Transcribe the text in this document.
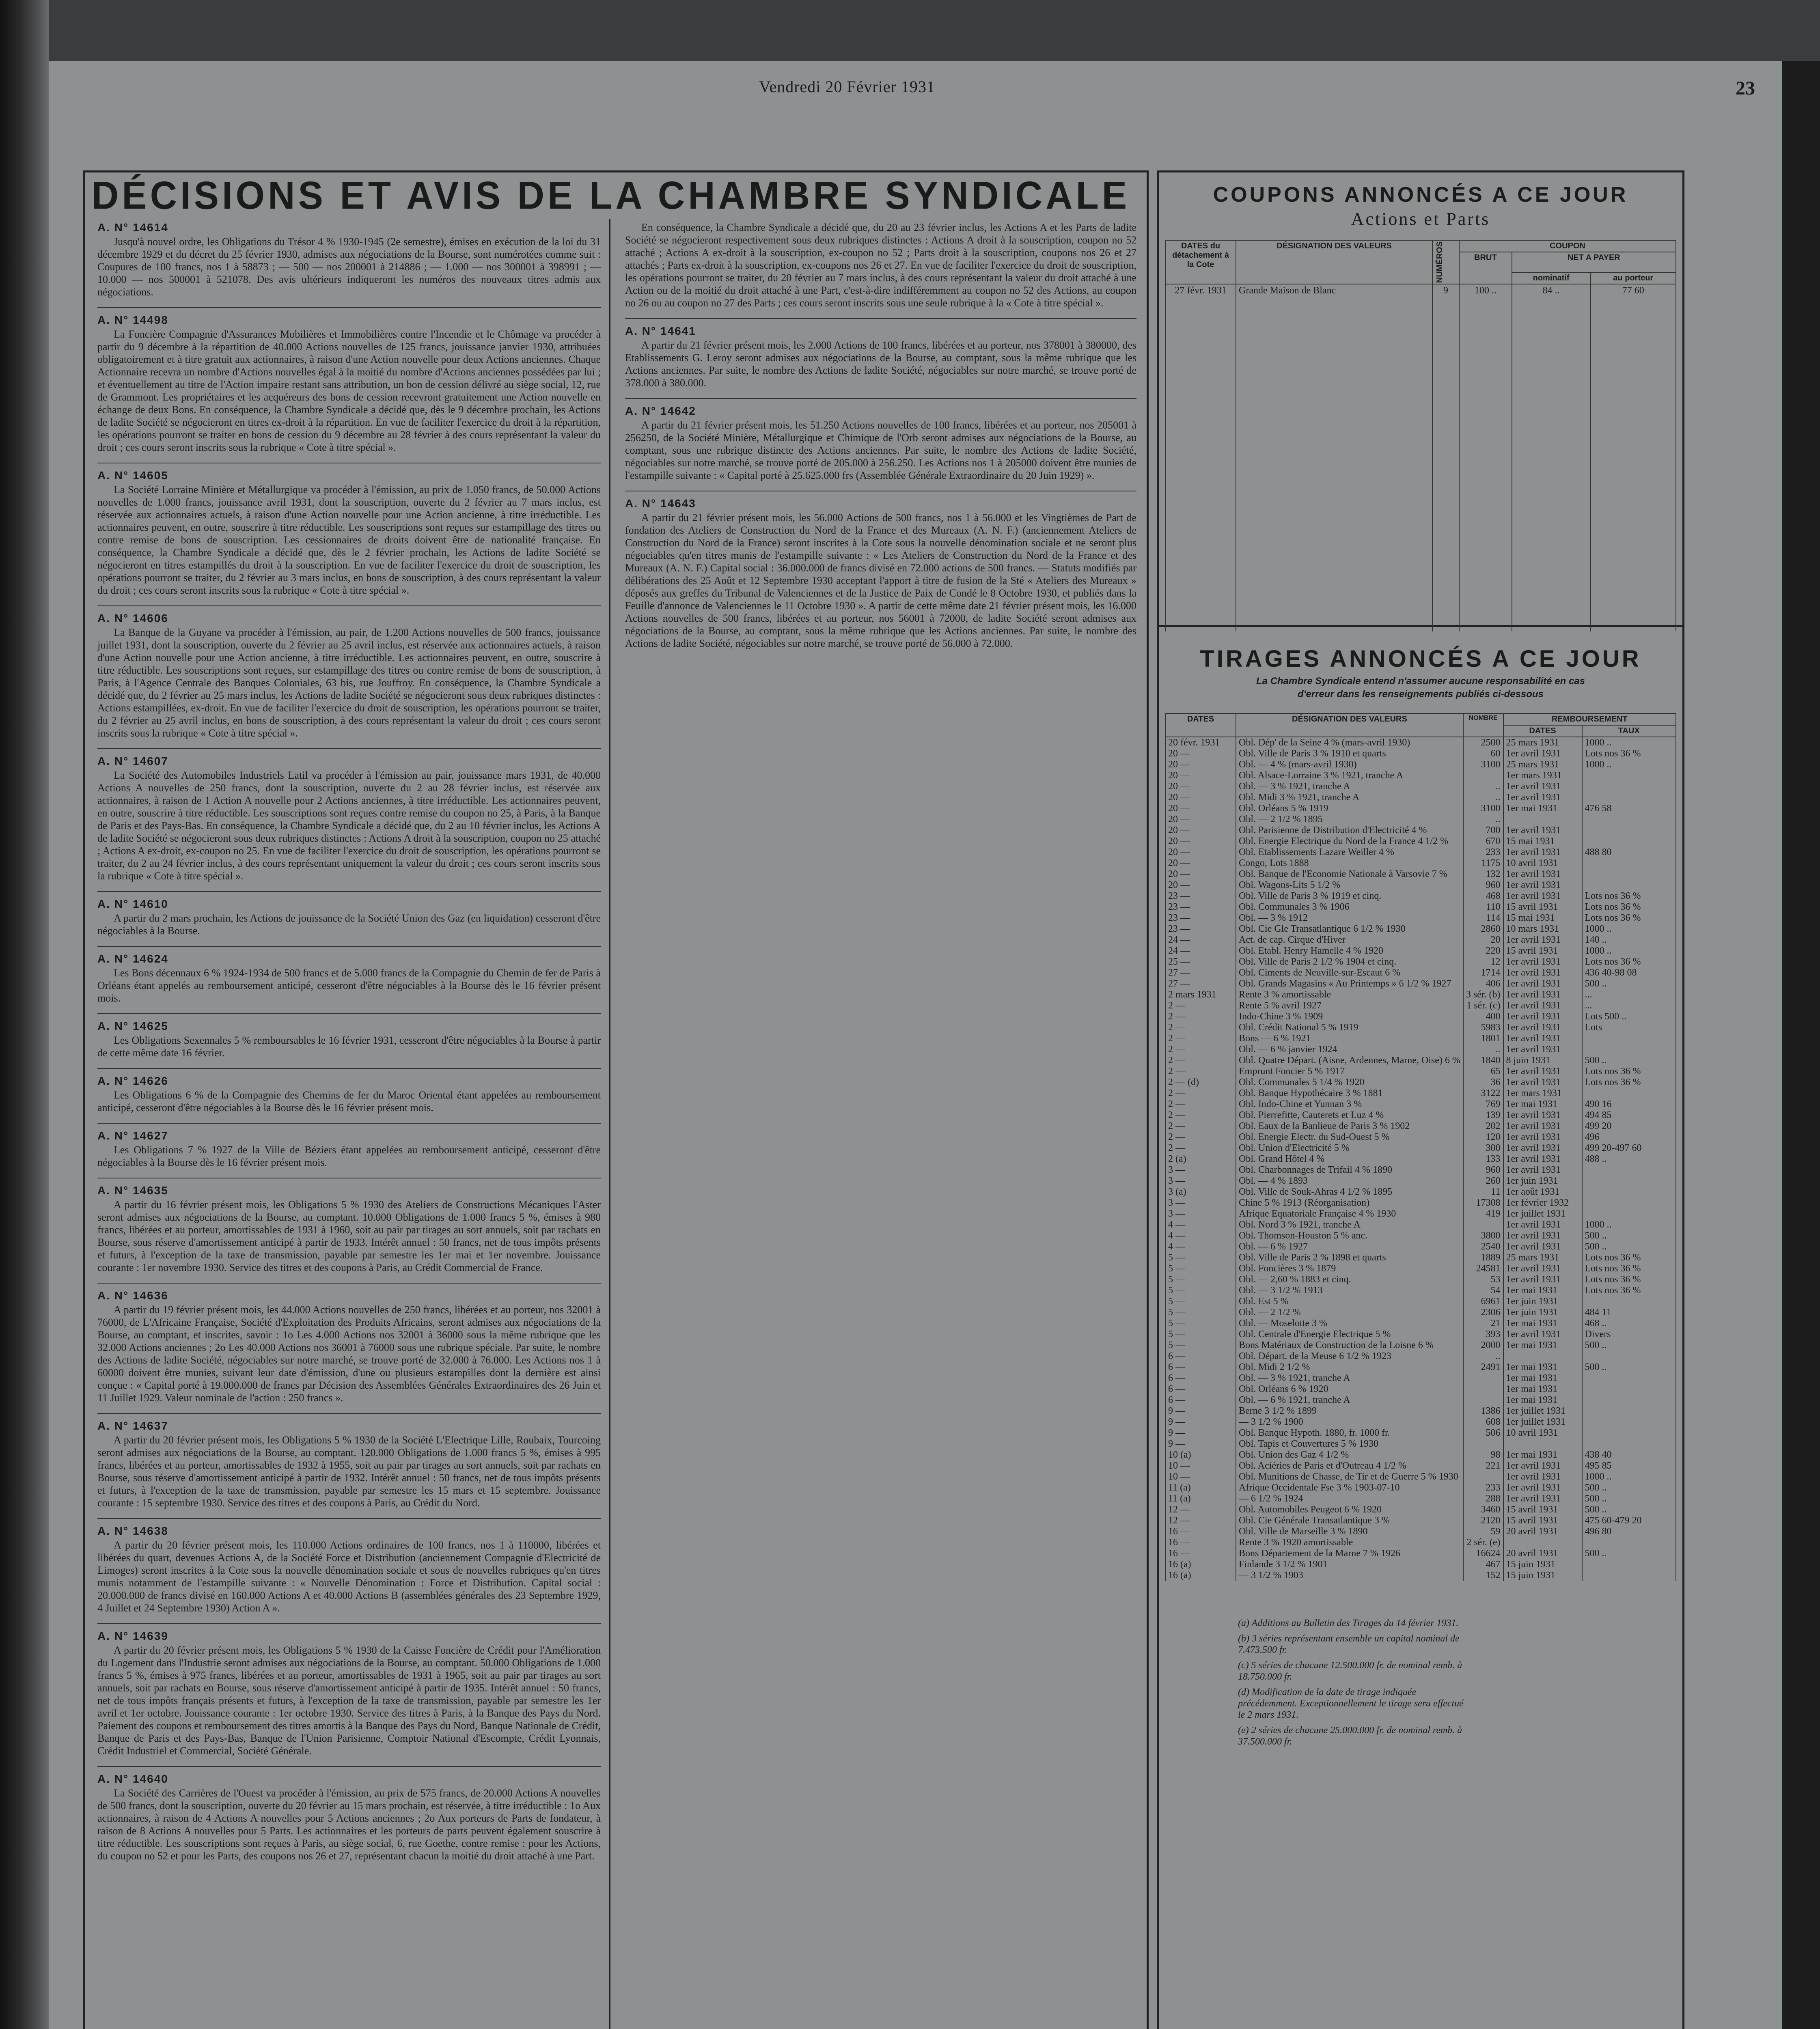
Vendredi 20 Février 1931	23
DÉCISIONS ET AVIS DE LA CHAMBRE SYNDICALE
A. N° 14614
Jusqu'à nouvel ordre, les Obligations du Trésor 4 % 1930-1945 (2e semestre), émises en exécution de la loi du 31 décembre 1929 et du décret du 25 février 1930, admises aux négociations de la Bourse, sont numérotées comme suit : Coupures de 100 francs, nos 1 à 58873 ; — 500 — nos 200001 à 214886 ; — 1.000 — nos 300001 à 398991 ; — 10.000 — nos 500001 à 521078. Des avis ultérieurs indiqueront les numéros des nouveaux titres admis aux négociations.
A. N° 14498
La Foncière Compagnie d'Assurances Mobilières et Immobilières contre l'Incendie et le Chômage va procéder à partir du 9 décembre à la répartition de 40.000 Actions nouvelles de 125 francs, jouissance janvier 1930, attribuées obligatoirement et à titre gratuit aux actionnaires, à raison d'une Action nouvelle pour deux Actions anciennes. Chaque Actionnaire recevra un nombre d'Actions nouvelles égal à la moitié du nombre d'Actions anciennes possédées par lui ; et éventuellement au titre de l'Action impaire restant sans attribution, un bon de cession délivré au siège social, 12, rue de Grammont. Les propriétaires et les acquéreurs des bons de cession recevront gratuitement une Action nouvelle en échange de deux Bons. En conséquence, la Chambre Syndicale a décidé que, dès le 9 décembre prochain, les Actions de ladite Société se négocieront en titres ex-droit à la répartition. En vue de faciliter l'exercice du droit à la répartition, les opérations pourront se traiter en bons de cession du 9 décembre au 28 février à des cours représentant la valeur du droit ; ces cours seront inscrits sous la rubrique « Cote à titre spécial ».
A. N° 14605
La Société Lorraine Minière et Métallurgique va procéder à l'émission, au prix de 1.050 francs, de 50.000 Actions nouvelles de 1.000 francs, jouissance avril 1931, dont la souscription, ouverte du 2 février au 7 mars inclus, est réservée aux actionnaires actuels, à raison d'une Action nouvelle pour une Action ancienne, à titre irréductible. Les actionnaires peuvent, en outre, souscrire à titre réductible. Les souscriptions sont reçues sur estampillage des titres ou contre remise de bons de souscription. Les cessionnaires de droits doivent être de nationalité française. En conséquence, la Chambre Syndicale a décidé que, dès le 2 février prochain, les Actions de ladite Société se négocieront en titres estampillés du droit à la souscription. En vue de faciliter l'exercice du droit de souscription, les opérations pourront se traiter, du 2 février au 3 mars inclus, en bons de souscription, à des cours représentant la valeur du droit ; ces cours seront inscrits sous la rubrique « Cote à titre spécial ».
A. N° 14606
La Banque de la Guyane va procéder à l'émission, au pair, de 1.200 Actions nouvelles de 500 francs, jouissance juillet 1931, dont la souscription, ouverte du 2 février au 25 avril inclus, est réservée aux actionnaires actuels, à raison d'une Action nouvelle pour une Action ancienne, à titre irréductible. Les actionnaires peuvent, en outre, souscrire à titre réductible. Les souscriptions sont reçues, sur estampillage des titres ou contre remise de bons de souscription, à Paris, à l'Agence Centrale des Banques Coloniales, 63 bis, rue Jouffroy. En conséquence, la Chambre Syndicale a décidé que, du 2 février au 25 mars inclus, les Actions de ladite Société se négocieront sous deux rubriques distinctes : Actions estampillées, ex-droit. En vue de faciliter l'exercice du droit de souscription, les opérations pourront se traiter, du 2 février au 25 avril inclus, en bons de souscription, à des cours représentant la valeur du droit ; ces cours seront inscrits sous la rubrique « Cote à titre spécial ».
A. N° 14607
La Société des Automobiles Industriels Latil va procéder à l'émission au pair, jouissance mars 1931, de 40.000 Actions A nouvelles de 250 francs, dont la souscription, ouverte du 2 au 28 février inclus, est réservée aux actionnaires, à raison de 1 Action A nouvelle pour 2 Actions anciennes, à titre irréductible. Les actionnaires peuvent, en outre, souscrire à titre réductible. Les souscriptions sont reçues contre remise du coupon no 25, à Paris, à la Banque de Paris et des Pays-Bas. En conséquence, la Chambre Syndicale a décidé que, du 2 au 10 février inclus, les Actions A de ladite Société se négocieront sous deux rubriques distinctes : Actions A droit à la souscription, coupon no 25 attaché ; Actions A ex-droit, ex-coupon no 25. En vue de faciliter l'exercice du droit de souscription, les opérations pourront se traiter, du 2 au 24 février inclus, à des cours représentant uniquement la valeur du droit ; ces cours seront inscrits sous la rubrique « Cote à titre spécial ».
A. N° 14610
A partir du 2 mars prochain, les Actions de jouissance de la Société Union des Gaz (en liquidation) cesseront d'être négociables à la Bourse.
A. N° 14624
Les Bons décennaux 6 % 1924-1934 de 500 francs et de 5.000 francs de la Compagnie du Chemin de fer de Paris à Orléans étant appelés au remboursement anticipé, cesseront d'être négociables à la Bourse dès le 16 février présent mois.
A. N° 14625
Les Obligations Sexennales 5 % remboursables le 16 février 1931, cesseront d'être négociables à la Bourse à partir de cette même date 16 février.
A. N° 14626
Les Obligations 6 % de la Compagnie des Chemins de fer du Maroc Oriental étant appelées au remboursement anticipé, cesseront d'être négociables à la Bourse dès le 16 février présent mois.
A. N° 14627
Les Obligations 7 % 1927 de la Ville de Béziers étant appelées au remboursement anticipé, cesseront d'être négociables à la Bourse dès le 16 février présent mois.
A. N° 14635
A partir du 16 février présent mois, les Obligations 5 % 1930 des Ateliers de Constructions Mécaniques l'Aster seront admises aux négociations de la Bourse, au comptant. 10.000 Obligations de 1.000 francs 5 %, émises à 980 francs, libérées et au porteur, amortissables de 1931 à 1960, soit au pair par tirages au sort annuels, soit par rachats en Bourse, sous réserve d'amortissement anticipé à partir de 1933. Intérêt annuel : 50 francs, net de tous impôts présents et futurs, à l'exception de la taxe de transmission, payable par semestre les 1er mai et 1er novembre. Jouissance courante : 1er novembre 1930. Service des titres et des coupons à Paris, au Crédit Commercial de France.
A. N° 14636
A partir du 19 février présent mois, les 44.000 Actions nouvelles de 250 francs, libérées et au porteur, nos 32001 à 76000, de L'Africaine Française, Société d'Exploitation des Produits Africains, seront admises aux négociations de la Bourse, au comptant, et inscrites, savoir : 1o Les 4.000 Actions nos 32001 à 36000 sous la même rubrique que les 32.000 Actions anciennes ; 2o Les 40.000 Actions nos 36001 à 76000 sous une rubrique spéciale. Par suite, le nombre des Actions de ladite Société, négociables sur notre marché, se trouve porté de 32.000 à 76.000. Les Actions nos 1 à 60000 doivent être munies, suivant leur date d'émission, d'une ou plusieurs estampilles dont la dernière est ainsi conçue : « Capital porté à 19.000.000 de francs par Décision des Assemblées Générales Extraordinaires des 26 Juin et 11 Juillet 1929. Valeur nominale de l'action : 250 francs ».
A. N° 14637
A partir du 20 février présent mois, les Obligations 5 % 1930 de la Société L'Electrique Lille, Roubaix, Tourcoing seront admises aux négociations de la Bourse, au comptant. 120.000 Obligations de 1.000 francs 5 %, émises à 995 francs, libérées et au porteur, amortissables de 1932 à 1955, soit au pair par tirages au sort annuels, soit par rachats en Bourse, sous réserve d'amortissement anticipé à partir de 1932. Intérêt annuel : 50 francs, net de tous impôts présents et futurs, à l'exception de la taxe de transmission, payable par semestre les 15 mars et 15 septembre. Jouissance courante : 15 septembre 1930. Service des titres et des coupons à Paris, au Crédit du Nord.
A. N° 14638
A partir du 20 février présent mois, les 110.000 Actions ordinaires de 100 francs, nos 1 à 110000, libérées et libérées du quart, devenues Actions A, de la Société Force et Distribution (anciennement Compagnie d'Electricité de Limoges) seront inscrites à la Cote sous la nouvelle dénomination sociale et sous de nouvelles rubriques qu'en titres munis notamment de l'estampille suivante : « Nouvelle Dénomination : Force et Distribution. Capital social : 20.000.000 de francs divisé en 160.000 Actions A et 40.000 Actions B (assemblées générales des 23 Septembre 1929, 4 Juillet et 24 Septembre 1930) Action A ».
A. N° 14639
A partir du 20 février présent mois, les Obligations 5 % 1930 de la Caisse Foncière de Crédit pour l'Amélioration du Logement dans l'Industrie seront admises aux négociations de la Bourse, au comptant. 50.000 Obligations de 1.000 francs 5 %, émises à 975 francs, libérées et au porteur, amortissables de 1931 à 1965, soit au pair par tirages au sort annuels, soit par rachats en Bourse, sous réserve d'amortissement anticipé à partir de 1935. Intérêt annuel : 50 francs, net de tous impôts français présents et futurs, à l'exception de la taxe de transmission, payable par semestre les 1er avril et 1er octobre. Jouissance courante : 1er octobre 1930. Service des titres à Paris, à la Banque des Pays du Nord. Paiement des coupons et remboursement des titres amortis à la Banque des Pays du Nord, Banque Nationale de Crédit, Banque de Paris et des Pays-Bas, Banque de l'Union Parisienne, Comptoir National d'Escompte, Crédit Lyonnais, Crédit Industriel et Commercial, Société Générale.
A. N° 14640
La Société des Carrières de l'Ouest va procéder à l'émission, au prix de 575 francs, de 20.000 Actions A nouvelles de 500 francs, dont la souscription, ouverte du 20 février au 15 mars prochain, est réservée, à titre irréductible : 1o Aux actionnaires, à raison de 4 Actions A nouvelles pour 5 Actions anciennes ; 2o Aux porteurs de Parts de fondateur, à raison de 8 Actions A nouvelles pour 5 Parts. Les actionnaires et les porteurs de parts peuvent également souscrire à titre réductible. Les souscriptions sont reçues à Paris, au siège social, 6, rue Goethe, contre remise : pour les Actions, du coupon no 52 et pour les Parts, des coupons nos 26 et 27, représentant chacun la moitié du droit attaché à une Part.
En conséquence, la Chambre Syndicale a décidé que, du 20 au 23 février inclus, les Actions A et les Parts de ladite Société se négocieront respectivement sous deux rubriques distinctes : Actions A droit à la souscription, coupon no 52 attaché ; Actions A ex-droit à la souscription, ex-coupon no 52 ; Parts droit à la souscription, coupons nos 26 et 27 attachés ; Parts ex-droit à la souscription, ex-coupons nos 26 et 27. En vue de faciliter l'exercice du droit de souscription, les opérations pourront se traiter, du 20 février au 7 mars inclus, à des cours représentant la valeur du droit attaché à une Action ou de la moitié du droit attaché à une Part, c'est-à-dire indifféremment au coupon no 52 des Actions, au coupon no 26 ou au coupon no 27 des Parts ; ces cours seront inscrits sous une seule rubrique à la « Cote à titre spécial ».
A. N° 14641
A partir du 21 février présent mois, les 2.000 Actions de 100 francs, libérées et au porteur, nos 378001 à 380000, des Etablissements G. Leroy seront admises aux négociations de la Bourse, au comptant, sous la même rubrique que les Actions anciennes. Par suite, le nombre des Actions de ladite Société, négociables sur notre marché, se trouve porté de 378.000 à 380.000.
A. N° 14642
A partir du 21 février présent mois, les 51.250 Actions nouvelles de 100 francs, libérées et au porteur, nos 205001 à 256250, de la Société Minière, Métallurgique et Chimique de l'Orb seront admises aux négociations de la Bourse, au comptant, sous une rubrique distincte des Actions anciennes. Par suite, le nombre des Actions de ladite Société, négociables sur notre marché, se trouve porté de 205.000 à 256.250. Les Actions nos 1 à 205000 doivent être munies de l'estampille suivante : « Capital porté à 25.625.000 frs (Assemblée Générale Extraordinaire du 20 Juin 1929) ».
A. N° 14643
A partir du 21 février présent mois, les 56.000 Actions de 500 francs, nos 1 à 56.000 et les Vingtièmes de Part de fondation des Ateliers de Construction du Nord de la France et des Mureaux (A. N. F.) (anciennement Ateliers de Construction du Nord de la France) seront inscrites à la Cote sous la nouvelle dénomination sociale et ne seront plus négociables qu'en titres munis de l'estampille suivante : « Les Ateliers de Construction du Nord de la France et des Mureaux (A. N. F.) Capital social : 36.000.000 de francs divisé en 72.000 actions de 500 francs. — Statuts modifiés par délibérations des 25 Août et 12 Septembre 1930 acceptant l'apport à titre de fusion de la Sté « Ateliers des Mureaux » déposés aux greffes du Tribunal de Valenciennes et de la Justice de Paix de Condé le 8 Octobre 1930, et publiés dans la Feuille d'annonce de Valenciennes le 11 Octobre 1930 ». A partir de cette même date 21 février présent mois, les 16.000 Actions nouvelles de 500 francs, libérées et au porteur, nos 56001 à 72000, de ladite Société seront admises aux négociations de la Bourse, au comptant, sous la même rubrique que les Actions anciennes. Par suite, le nombre des Actions de ladite Société, négociables sur notre marché, se trouve porté de 56.000 à 72.000.
COUPONS ANNONCÉS A CE JOUR
Actions et Parts
DATES du détachement à la Cote	DÉSIGNATION DES VALEURS	NUMÉROS	COUPON		
			BRUT	NET A PAYER	
				nominatif	au porteur
27 févr. 1931	Grande Maison de Blanc	9	100 ..	84 ..	77 60

TIRAGES ANNONCÉS A CE JOUR
La Chambre Syndicale entend n'assumer aucune responsabilité en cas d'erreur dans les renseignements publiés ci-dessous
DATES	DÉSIGNATION DES VALEURS	NOMBRE	REMBOURSEMENT	
			DATES	TAUX
20 févr. 1931	Obl. Dép' de la Seine 4 % (mars-avril 1930)	2500	25 mars 1931	1000 ..
20 —	Obl. Ville de Paris 3 % 1910 et quarts	60	1er avril 1931	Lots nos 36 %
20 —	Obl. — 4 % (mars-avril 1930)	3100	25 mars 1931	1000 ..
20 —	Obl. Alsace-Lorraine 3 % 1921, tranche A		1er mars 1931	
20 —	Obl. — 3 % 1921, tranche A	..	1er avril 1931	
20 —	Obl. Midi 3 % 1921, tranche A	..	1er avril 1931	
20 —	Obl. Orléans 5 % 1919	3100	1er mai 1931	476 58
20 —	Obl. — 2 1/2 % 1895	..		
20 —	Obl. Parisienne de Distribution d'Electricité 4 %	700	1er avril 1931	
20 —	Obl. Energie Electrique du Nord de la France 4 1/2 %	670	15 mai 1931	
20 —	Obl. Etablissements Lazare Weiller 4 %	233	1er avril 1931	488 80
20 —	Congo, Lots 1888	1175	10 avril 1931	
20 —	Obl. Banque de l'Economie Nationale à Varsovie 7 %	132	1er avril 1931	
20 —	Obl. Wagons-Lits 5 1/2 %	960	1er avril 1931	
23 —	Obl. Ville de Paris 3 % 1919 et cinq.	468	1er avril 1931	Lots nos 36 %
23 —	Obl. Communales 3 % 1906	110	15 avril 1931	Lots nos 36 %
23 —	Obl. — 3 % 1912	114	15 mai 1931	Lots nos 36 %
23 —	Obl. Cie Gle Transatlantique 6 1/2 % 1930	2860	10 mars 1931	1000 ..
24 —	Act. de cap. Cirque d'Hiver	20	1er avril 1931	140 ..
24 —	Obl. Etabl. Henry Hamelle 4 % 1920	220	15 avril 1931	1000 ..
25 —	Obl. Ville de Paris 2 1/2 % 1904 et cinq.	12	1er avril 1931	Lots nos 36 %
27 —	Obl. Ciments de Neuville-sur-Escaut 6 %	1714	1er avril 1931	436 40-98 08
27 —	Obl. Grands Magasins « Au Printemps » 6 1/2 % 1927	406	1er avril 1931	500 ..
2 mars 1931	Rente 3 % amortissable	3 sér. (b)	1er avril 1931	...
2 —	Rente 5 % avril 1927	1 sér. (c)	1er avril 1931	...
2 —	Indo-Chine 3 % 1909	400	1er avril 1931	Lots 500 ..
2 —	Obl. Crédit National 5 % 1919	5983	1er avril 1931	Lots
2 —	Bons — 6 % 1921	1801	1er avril 1931	
2 —	Obl. — 6 % janvier 1924	..	1er avril 1931	
2 —	Obl. Quatre Départ. (Aisne, Ardennes, Marne, Oise) 6 %	1840	8 juin 1931	500 ..
2 —	Emprunt Foncier 5 % 1917	65	1er avril 1931	Lots nos 36 %
2 — (d)	Obl. Communales 5 1/4 % 1920	36	1er avril 1931	Lots nos 36 %
2 —	Obl. Banque Hypothécaire 3 % 1881	3122	1er mars 1931	
2 —	Obl. Indo-Chine et Yunnan 3 %	769	1er mai 1931	490 16
2 —	Obl. Pierrefitte, Cauterets et Luz 4 %	139	1er avril 1931	494 85
2 —	Obl. Eaux de la Banlieue de Paris 3 % 1902	202	1er avril 1931	499 20
2 —	Obl. Energie Electr. du Sud-Ouest 5 %	120	1er avril 1931	496
2 —	Obl. Union d'Electricité 5 %	300	1er avril 1931	499 20-497 60
2 (a)	Obl. Grand Hôtel 4 %	133	1er avril 1931	488 ..
3 —	Obl. Charbonnages de Trifail 4 % 1890	960	1er avril 1931	
3 —	Obl. — 4 % 1893	260	1er juin 1931	
3 (a)	Obl. Ville de Souk-Ahras 4 1/2 % 1895	11	1er août 1931	
3 —	Chine 5 % 1913 (Réorganisation)	17308	1er février 1932	
3 —	Afrique Equatoriale Française 4 % 1930	419	1er juillet 1931	
4 —	Obl. Nord 3 % 1921, tranche A		1er avril 1931	1000 ..
4 —	Obl. Thomson-Houston 5 % anc.	3800	1er avril 1931	500 ..
4 —	Obl. — 6 % 1927	2540	1er avril 1931	500 ..
5 —	Obl. Ville de Paris 2 % 1898 et quarts	1889	25 mars 1931	Lots nos 36 %
5 —	Obl. Foncières 3 % 1879	24581	1er avril 1931	Lots nos 36 %
5 —	Obl. — 2,60 % 1883 et cinq.	53	1er avril 1931	Lots nos 36 %
5 —	Obl. — 3 1/2 % 1913	54	1er mai 1931	Lots nos 36 %
5 —	Obl. Est 5 %	6961	1er juin 1931	
5 —	Obl. — 2 1/2 %	2306	1er juin 1931	484 11
5 —	Obl. — Moselotte 3 %	21	1er mai 1931	468 ..
5 —	Obl. Centrale d'Energie Electrique 5 %	393	1er avril 1931	Divers
5 —	Bons Matériaux de Construction de la Loisne 6 %	2000	1er mai 1931	500 ..
6 —	Obl. Départ. de la Meuse 6 1/2 % 1923	..		
6 —	Obl. Midi 2 1/2 %	2491	1er mai 1931	500 ..
6 —	Obl. — 3 % 1921, tranche A		1er mai 1931	
6 —	Obl. Orléans 6 % 1920		1er mai 1931	
6 —	Obl. — 6 % 1921, tranche A		1er mai 1931	
9 —	Berne 3 1/2 % 1899	1386	1er juillet 1931	
9 —	— 3 1/2 % 1900	608	1er juillet 1931	
9 —	Obl. Banque Hypoth. 1880, fr. 1000 fr.	506	10 avril 1931	
9 —	Obl. Tapis et Couvertures 5 % 1930			
10 (a)	Obl. Union des Gaz 4 1/2 %	98	1er mai 1931	438 40
10 —	Obl. Aciéries de Paris et d'Outreau 4 1/2 %	221	1er avril 1931	495 85
10 —	Obl. Munitions de Chasse, de Tir et de Guerre 5 % 1930		1er avril 1931	1000 ..
11 (a)	Afrique Occidentale Fse 3 % 1903-07-10	233	1er avril 1931	500 ..
11 (a)	— 6 1/2 % 1924	288	1er avril 1931	500 ..
12 —	Obl. Automobiles Peugeot 6 % 1920	3460	15 avril 1931	500 ..
12 —	Obl. Cie Générale Transatlantique 3 %	2120	15 avril 1931	475 60-479 20
16 —	Obl. Ville de Marseille 3 % 1890	59	20 avril 1931	496 80
16 —	Rente 3 % 1920 amortissable	2 sér. (e)		
16 —	Bons Département de la Marne 7 % 1926	16624	20 avril 1931	500 ..
16 (a)	Finlande 3 1/2 % 1901	467	15 juin 1931	
16 (a)	— 3 1/2 % 1903	152	15 juin 1931	
(a) Additions au Bulletin des Tirages du 14 février 1931.
(b) 3 séries représentant ensemble un capital nominal de 7.473.500 fr.
(c) 5 séries de chacune 12.500.000 fr. de nominal remb. à 18.750.000 fr.
(d) Modification de la date de tirage indiquée précédemment. Exceptionnellement le tirage sera effectué le 2 mars 1931.
(e) 2 séries de chacune 25.000.000 fr. de nominal remb. à 37.500.000 fr.
